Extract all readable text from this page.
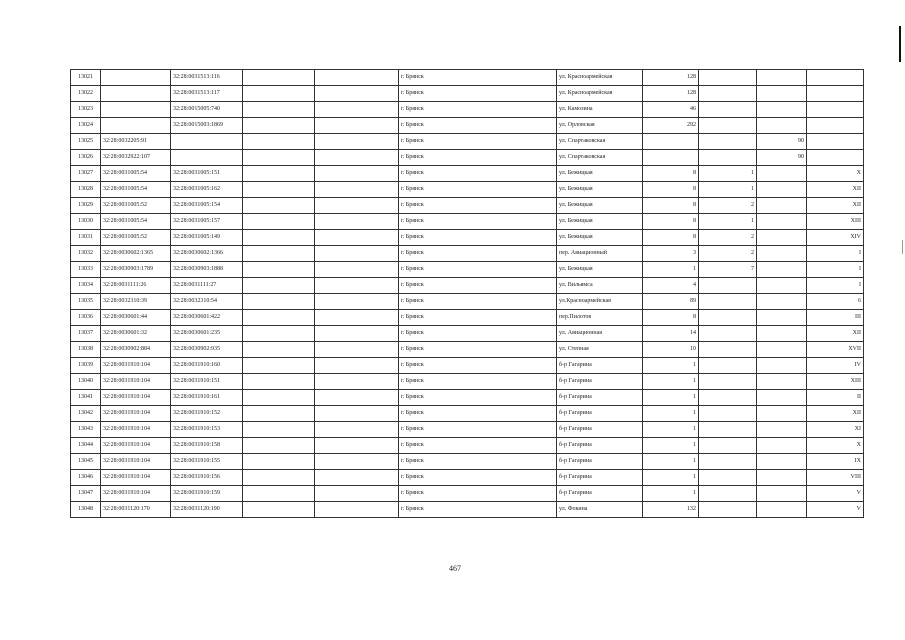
13021		32:28:0031513:116			г. Брянск	ул. Красноармейская	128			
13022		32:28:0031513:117			г. Брянск	ул. Красноармейская	128			
13023		32:28:0015005:740			г. Брянск	ул. Камозина	46			
13024		32:28:0015003:1869			г. Брянск	ул. Орловская	292			
13025	32:28:0032205:91				г. Брянск	ул. Спартаковская			90	
13026	32:28:0032922:107				г. Брянск	ул. Спартаковская			90	
13027	32:28:0031005:54	32:28:0031005:151			г. Брянск	ул. Бежицкая	8	1		X
13028	32:28:0031005:54	32:28:0031005:162			г. Брянск	ул. Бежицкая	8	1		XII
13029	32:28:0031005:52	32:28:0031005:154			г. Брянск	ул. Бежицкая	8	2		XII
13030	32:28:0031005:54	32:28:0031005:157			г. Брянск	ул. Бежицкая	8	1		XIII
13031	32:28:0031005:52	32:28:0031005:149			г. Брянск	ул. Бежицкая	8	2		XIV
13032	32:28:0030602:1365	32:28:0030602:1366			г. Брянск	пер. Авиационный	3	2		I
13033	32:28:0030903:1789	32:28:0030903:1888			г. Брянск	ул. Бежицкая	1	7		I
13034	32:28:0031111:26	32:28:0031111:27			г. Брянск	ул. Вильямса	4			I
13035	32:28:0032310:39	32:28:0032310:54			г. Брянск	ул.Красноармейская	89			6
13036	32:28:0030601:44	32:28:0030601:422			г. Брянск	пер.Пилотов	8			III
13037	32:28:0030601:32	32:28:0030601:235			г. Брянск	ул. Авиационная	14			XII
13038	32:28:0030902:884	32:28:0030902:935			г. Брянск	ул. Степная	10			XVII
13039	32:28:0031910:104	32:28:0031910:160			г. Брянск	б-р Гагарина	1			IV
13040	32:28:0031910:104	32:28:0031910:151			г. Брянск	б-р Гагарина	1			XIII
13041	32:28:0031910:104	32:28:0031910:161			г. Брянск	б-р Гагарина	1			II
13042	32:28:0031910:104	32:28:0031910:152			г. Брянск	б-р Гагарина	1			XII
13043	32:28:0031910:104	32:28:0031910:153			г. Брянск	б-р Гагарина	1			XI
13044	32:28:0031910:104	32:28:0031910:158			г. Брянск	б-р Гагарина	1			X
13045	32:28:0031910:104	32:28:0031910:155			г. Брянск	б-р Гагарина	1			IX
13046	32:28:0031910:104	32:28:0031910:156			г. Брянск	б-р Гагарина	1			VIII
13047	32:28:0031910:104	32:28:0031910:159			г. Брянск	б-р Гагарина	1			V
13048	32:28:0031120:170	32:28:0031120:190			г. Брянск	ул. Фокина	132			V
467
